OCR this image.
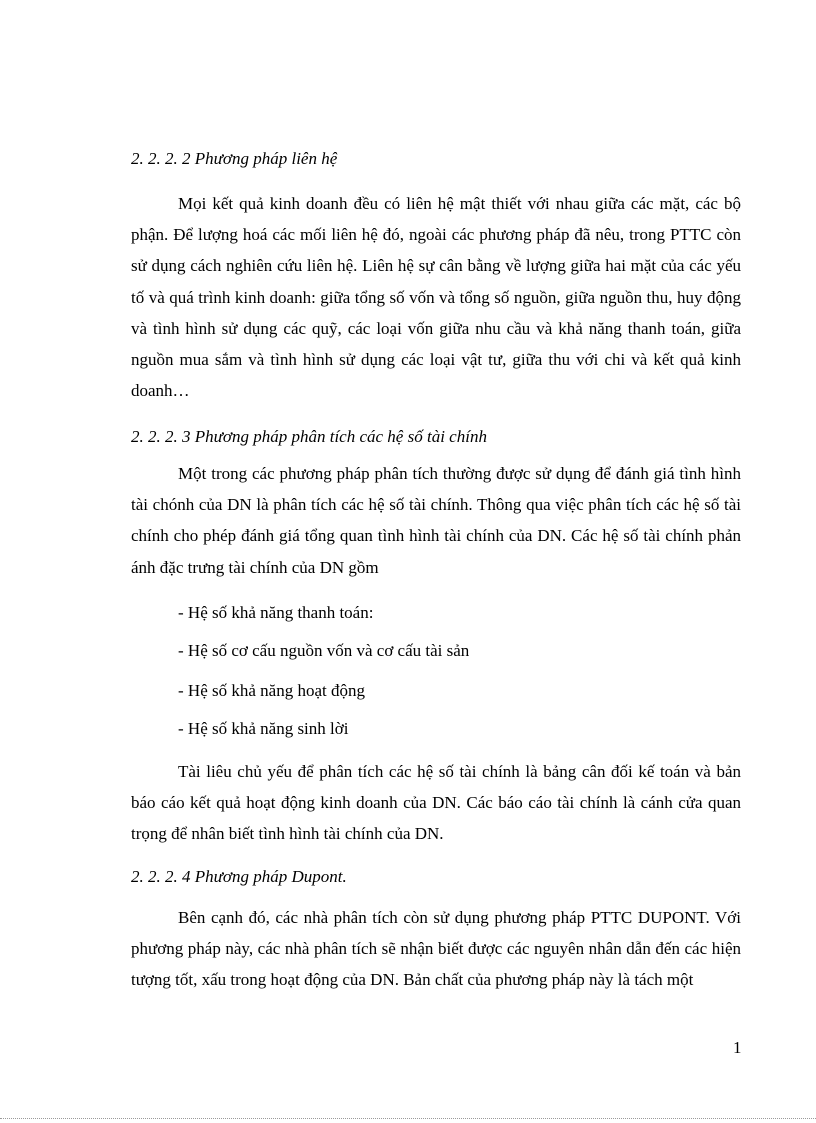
2. 2. 2. 2 Phương pháp liên hệ
Mọi kết quả kinh doanh đều có liên hệ mật thiết với nhau giữa các mặt, các bộ phận. Để lượng hoá các mối liên hệ đó, ngoài các phương pháp đã nêu, trong PTTC còn sử dụng cách nghiên cứu liên hệ. Liên hệ sự cân bằng về lượng giữa hai mặt của các yếu tố và quá trình kinh doanh: giữa tổng số vốn và tổng số nguồn, giữa nguồn thu, huy động và tình hình sử dụng các quỹ, các loại vốn giữa nhu cầu và khả năng thanh toán, giữa nguồn mua sắm và tình hình sử dụng các loại vật tư, giữa thu với chi và kết quả kinh doanh…
2. 2. 2. 3 Phương pháp phân tích các hệ số tài chính
Một trong các phương pháp phân tích thường được sử dụng để đánh giá tình hình tài chónh của DN là phân tích các hệ số tài chính. Thông qua việc phân tích các hệ số tài chính cho phép đánh giá tổng quan tình hình tài chính của DN. Các hệ số tài chính phản ánh đặc trưng tài chính của DN gồm
- Hệ số khả năng thanh toán:
- Hệ số cơ cấu nguồn vốn và cơ cấu tài sản
- Hệ số khả năng hoạt động
- Hệ số khả năng sinh lời
Tài liêu chủ yếu để phân tích các hệ số tài chính là bảng cân đối kế toán và bản báo cáo kết quả hoạt động kinh doanh của DN. Các báo cáo tài chính là cánh cửa quan trọng để nhân biết tình hình tài chính của DN.
2. 2. 2. 4 Phương pháp Dupont.
Bên cạnh đó, các nhà phân tích còn sử dụng phương pháp PTTC DUPONT. Với phương pháp này, các nhà phân tích sẽ nhận biết được các nguyên nhân dẫn đến các hiện tượng tốt, xấu trong hoạt động của DN. Bản chất của phương pháp này là tách một
1
